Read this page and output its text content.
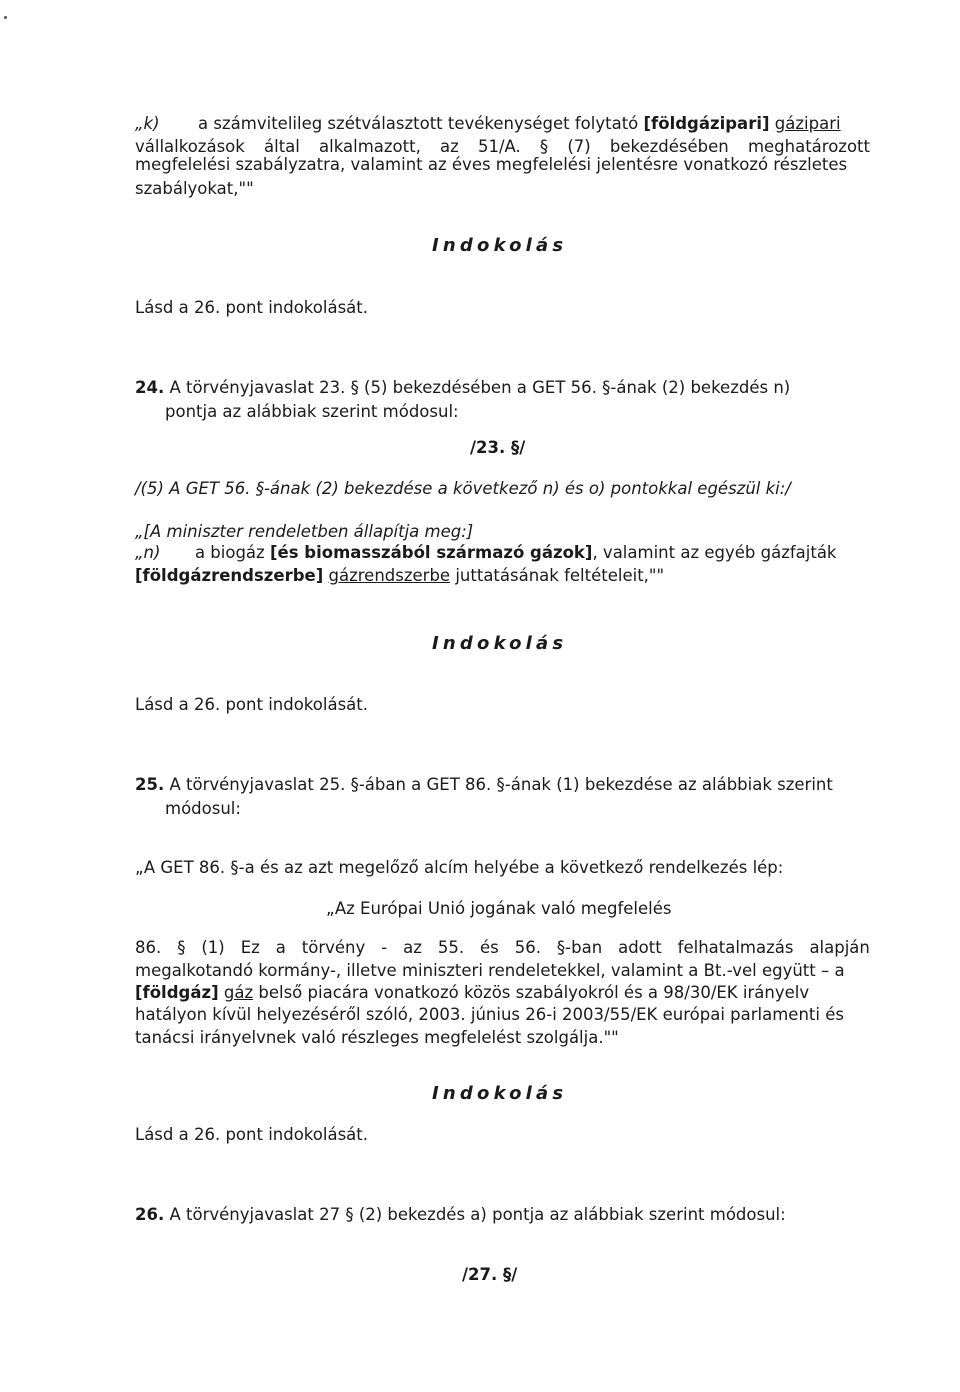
„k) a számvitelileg szétválasztott tevékenységet folytató [földgázipari] gázipari
vállalkozások által alkalmazott, az 51/A. § (7) bekezdésében meghatározott
megfelelési szabályzatra, valamint az éves megfelelési jelentésre vonatkozó részletes
szabályokat,""
Indokolás
Lásd a 26. pont indokolását.
24. A törvényjavaslat 23. § (5) bekezdésében a GET 56. §-ának (2) bekezdés n)
pontja az alábbiak szerint módosul:
/23. §/
/(5) A GET 56. §-ának (2) bekezdése a következő n) és o) pontokkal egészül ki:/
„[A miniszter rendeletben állapítja meg:]
„n) a biogáz [és biomasszából származó gázok], valamint az egyéb gázfajták
[földgázrendszerbe] gázrendszerbe juttatásának feltételeit,""
Indokolás
Lásd a 26. pont indokolását.
25. A törvényjavaslat 25. §-ában a GET 86. §-ának (1) bekezdése az alábbiak szerint
módosul:
„A GET 86. §-a és az azt megelőző alcím helyébe a következő rendelkezés lép:
„Az Európai Unió jogának való megfelelés
86. § (1) Ez a törvény - az 55. és 56. §-ban adott felhatalmazás alapján
megalkotandó kormány-, illetve miniszteri rendeletekkel, valamint a Bt.-vel együtt – a
[földgáz] gáz belső piacára vonatkozó közös szabályokról és a 98/30/EK irányelv
hatályon kívül helyezéséről szóló, 2003. június 26-i 2003/55/EK európai parlamenti és
tanácsi irányelvnek való részleges megfelelést szolgálja.""
Indokolás
Lásd a 26. pont indokolását.
26. A törvényjavaslat 27 § (2) bekezdés a) pontja az alábbiak szerint módosul:
/27. §/
